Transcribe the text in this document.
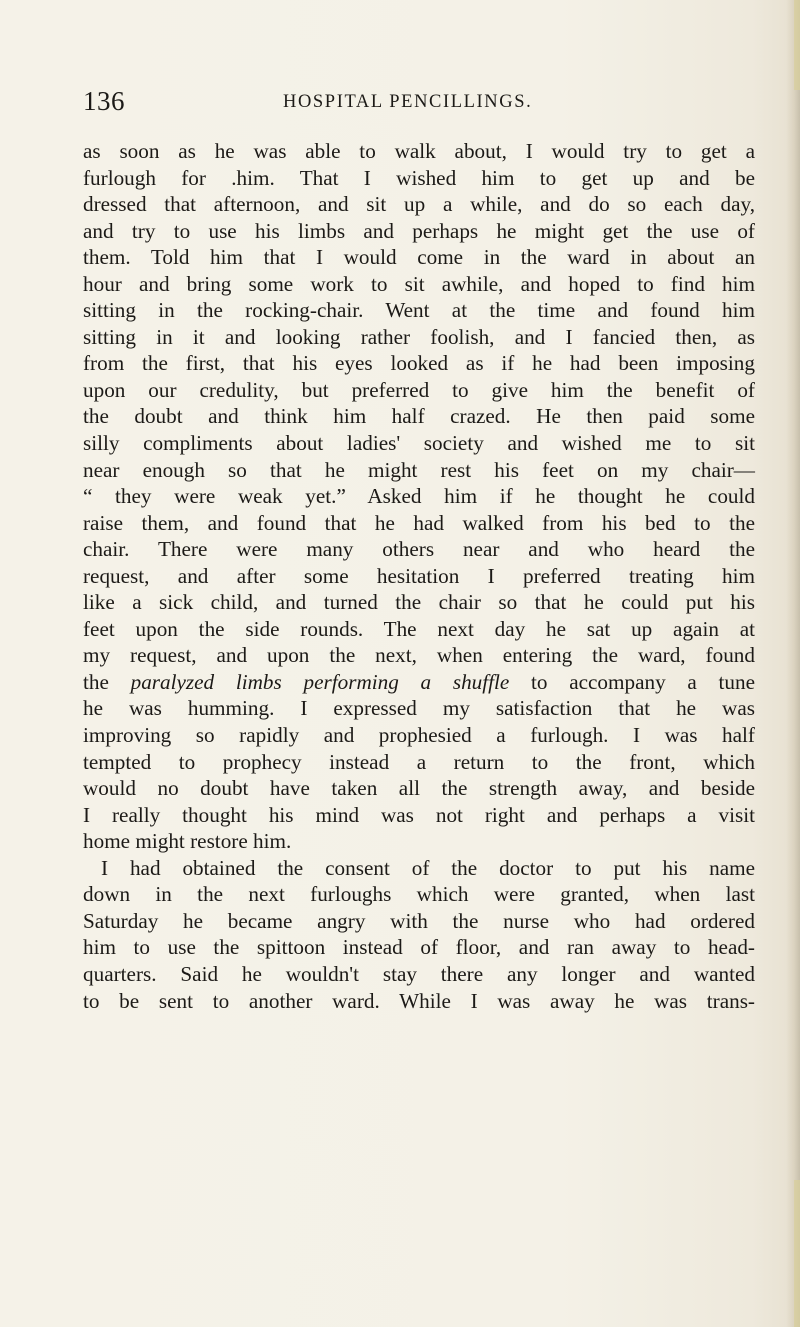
136	HOSPITAL PENCILLINGS.
as soon as he was able to walk about, I would try to get a
furlough for .him. That I wished him to get up and be
dressed that afternoon, and sit up a while, and do so each day,
and try to use his limbs and perhaps he might get the use of
them. Told him that I would come in the ward in about an
hour and bring some work to sit awhile, and hoped to find him
sitting in the rocking-chair. Went at the time and found him
sitting in it and looking rather foolish, and I fancied then, as
from the first, that his eyes looked as if he had been imposing
upon our credulity, but preferred to give him the benefit of
the doubt and think him half crazed. He then paid some
silly compliments about ladies' society and wished me to sit
near enough so that he might rest his feet on my chair—
“ they were weak yet.” Asked him if he thought he could
raise them, and found that he had walked from his bed to the
chair. There were many others near and who heard the
request, and after some hesitation I preferred treating him
like a sick child, and turned the chair so that he could put his
feet upon the side rounds. The next day he sat up again at
my request, and upon the next, when entering the ward, found
the paralyzed limbs performing a shuffle to accompany a tune
he was humming. I expressed my satisfaction that he was
improving so rapidly and prophesied a furlough. I was half
tempted to prophecy instead a return to the front, which
would no doubt have taken all the strength away, and beside
I really thought his mind was not right and perhaps a visit
home might restore him.
I had obtained the consent of the doctor to put his name
down in the next furloughs which were granted, when last
Saturday he became angry with the nurse who had ordered
him to use the spittoon instead of floor, and ran away to head-
quarters. Said he wouldn't stay there any longer and wanted
to be sent to another ward. While I was away he was trans-
